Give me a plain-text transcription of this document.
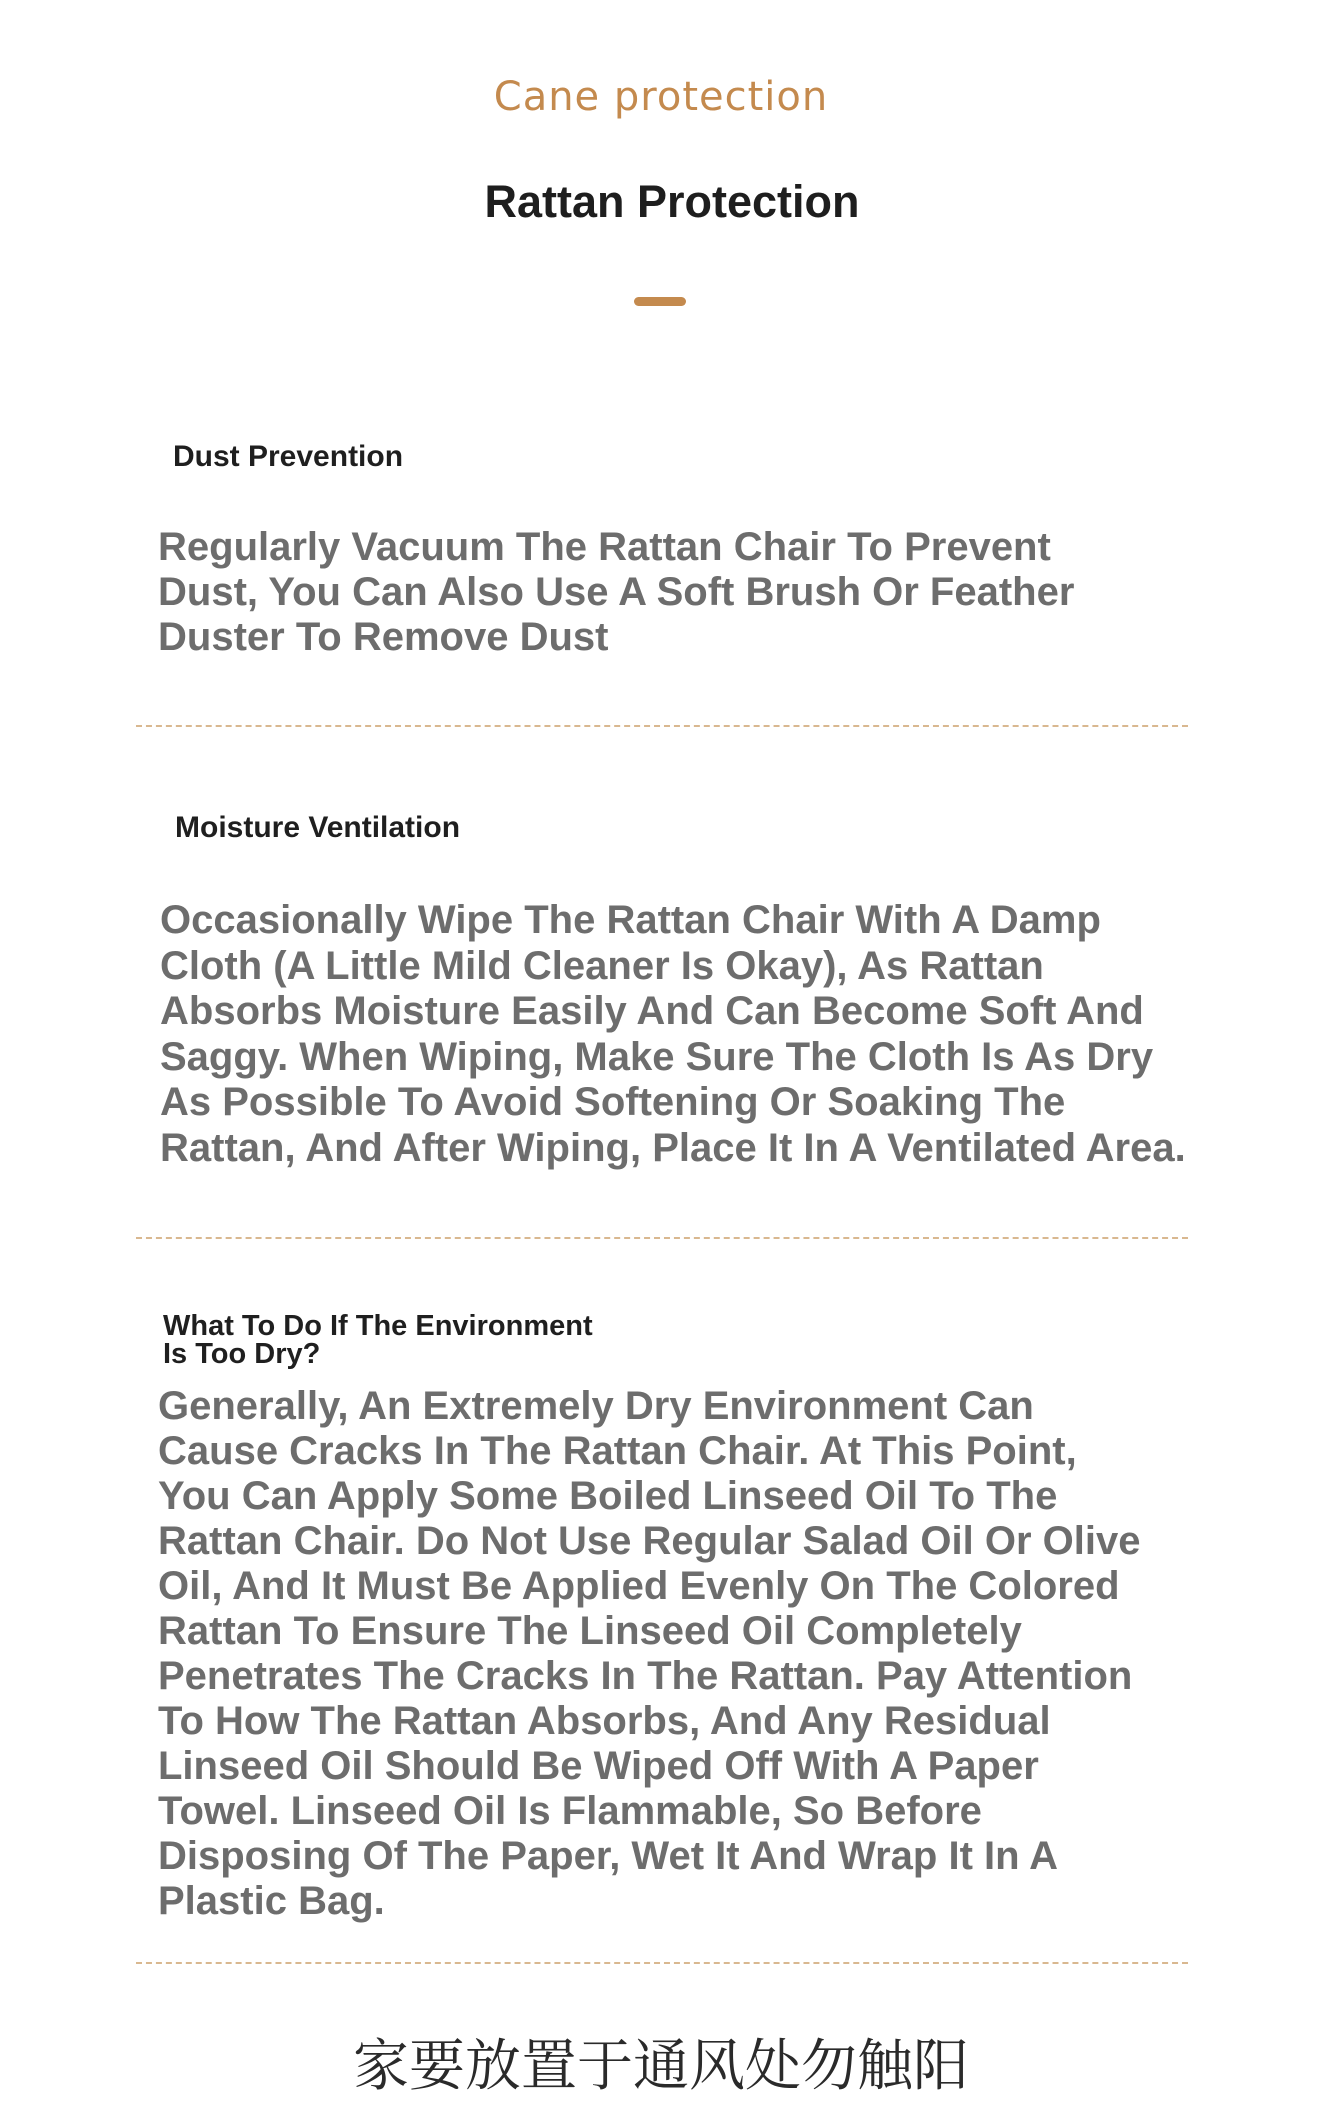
Cane protection
Rattan Protection
Dust Prevention

Regularly Vacuum The Rattan Chair To Prevent Dust, You Can Also Use A Soft Brush Or Feather Duster To Remove Dust

Moisture Ventilation

Occasionally Wipe The Rattan Chair With A Damp Cloth (A Little Mild Cleaner Is Okay), As Rattan Absorbs Moisture Easily And Can Become Soft And Saggy. When Wiping, Make Sure The Cloth Is As Dry As Possible To Avoid Softening Or Soaking The Rattan, And After Wiping, Place It In A Ventilated Area.

What To Do If The Environment Is Too Dry?

Generally, An Extremely Dry Environment Can Cause Cracks In The Rattan Chair. At This Point, You Can Apply Some Boiled Linseed Oil To The Rattan Chair. Do Not Use Regular Salad Oil Or Olive Oil, And It Must Be Applied Evenly On The Colored Rattan To Ensure The Linseed Oil Completely Penetrates The Cracks In The Rattan. Pay Attention To How The Rattan Absorbs, And Any Residual Linseed Oil Should Be Wiped Off With A Paper Towel. Linseed Oil Is Flammable, So Before Disposing Of The Paper, Wet It And Wrap It In A Plastic Bag.

家要放置于通风处勿触阳
